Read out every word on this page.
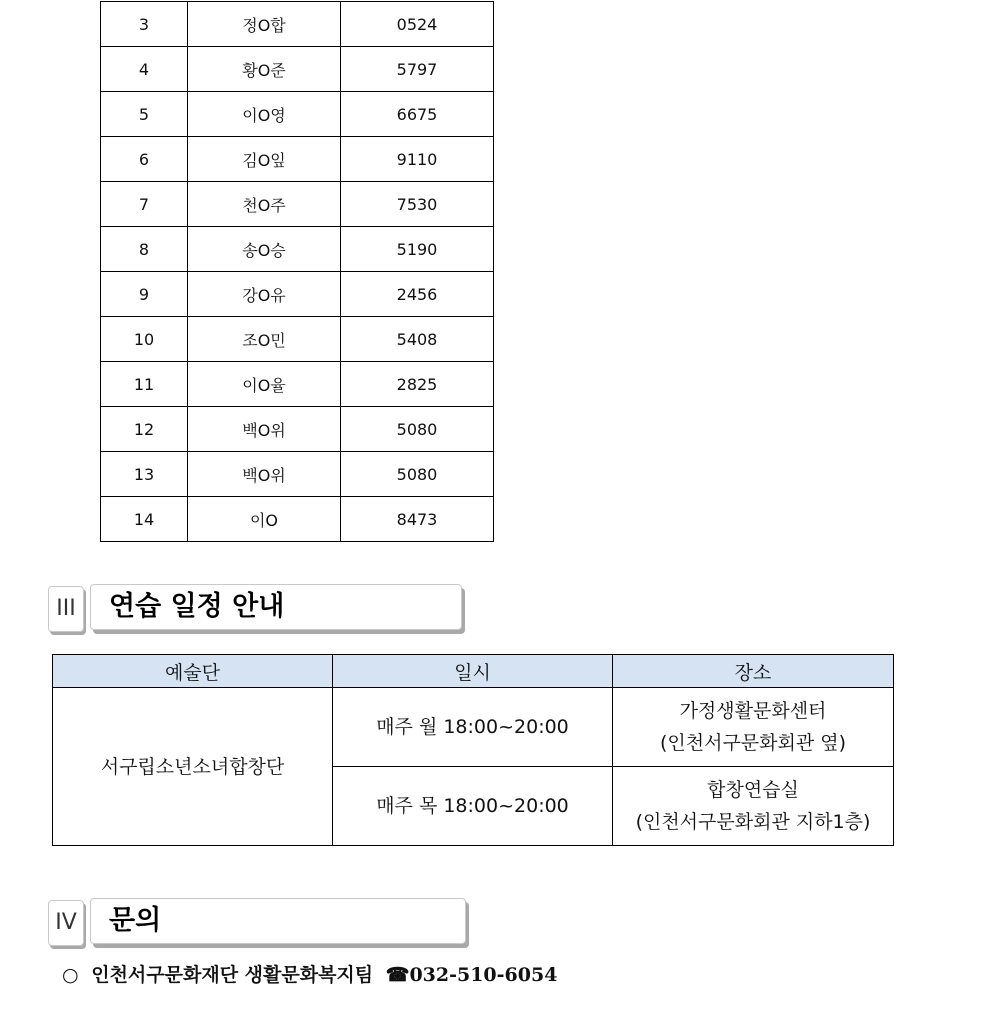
3	정O합	0524
4	황O준	5797
5	이O영	6675
6	김O잎	9110
7	천O주	7530
8	송O승	5190
9	강O유	2456
10	조O민	5408
11	이O율	2825
12	백O위	5080
13	백O위	5080
14	이O	8473
III	연습 일정 안내
예술단	일시	장소
서구립소년소녀합창단	매주 월 18:00~20:00	가정생활문화센터
(인천서구문화회관 옆)

	매주 목 18:00~20:00	합창연습실
(인천서구문화회관 지하1층)
IV	문의
○ 인천서구문화재단 생활문화복지팀 ☎032-510-6054
